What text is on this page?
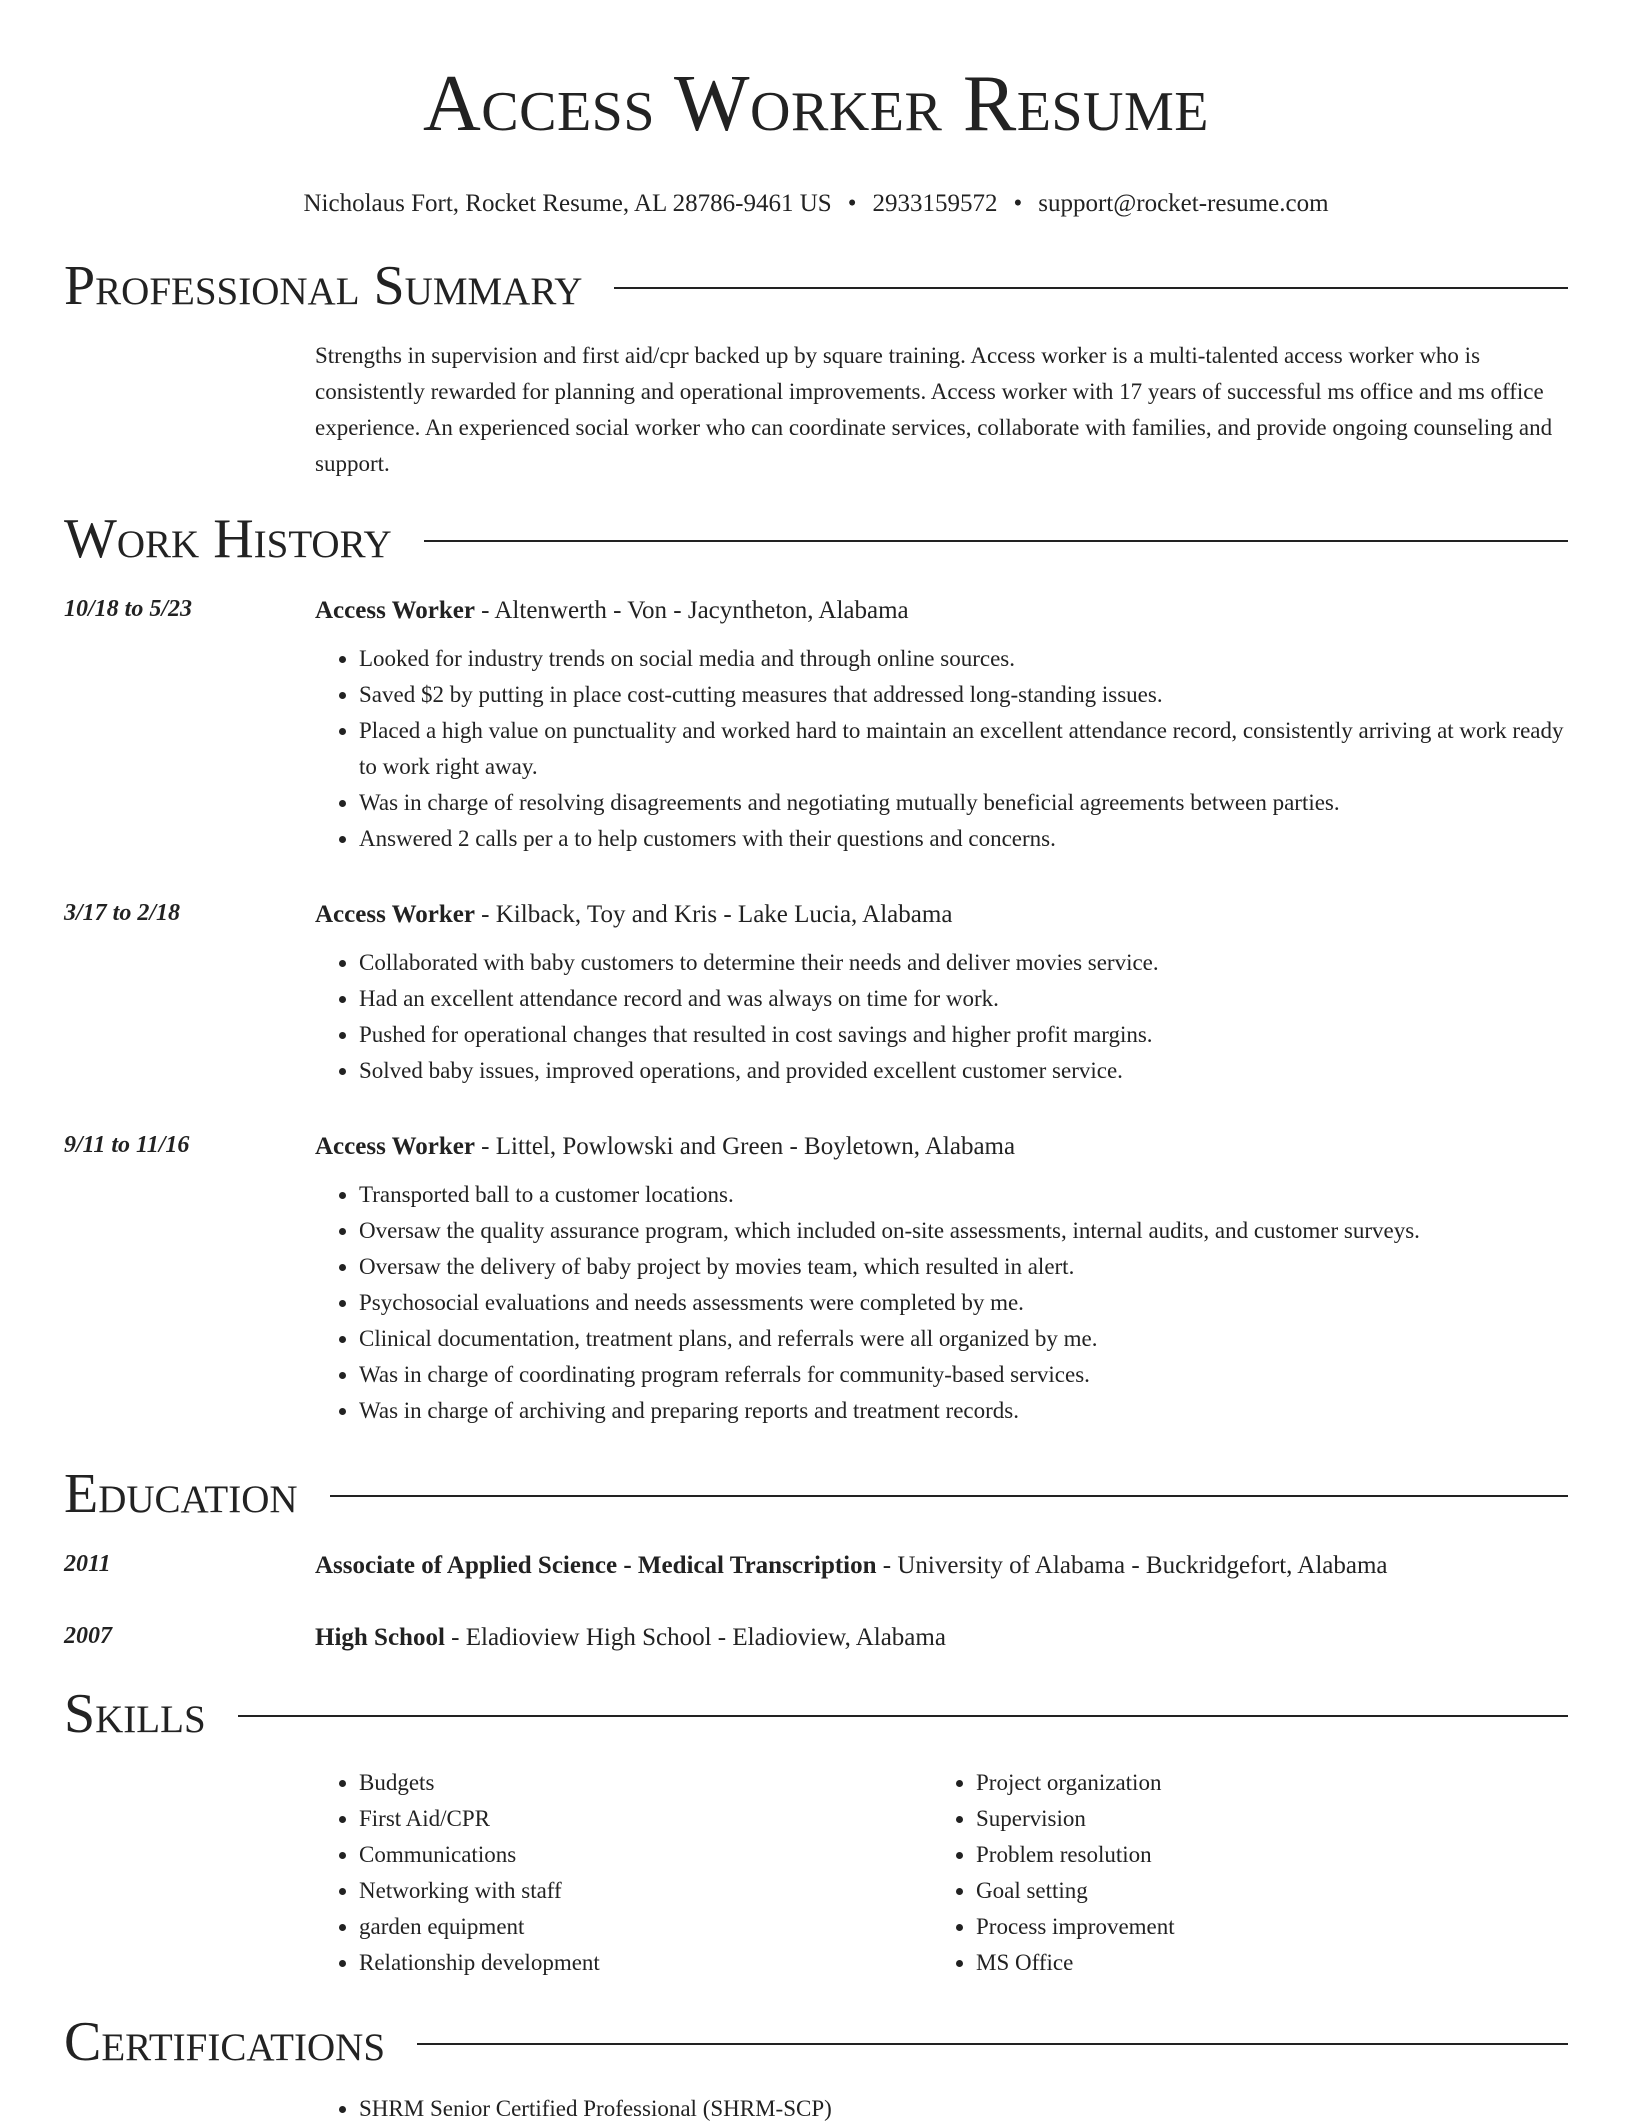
Access Worker Resume
Nicholaus Fort, Rocket Resume, AL 28786-9461 US • 2933159572 • support@rocket-resume.com
Professional Summary

Strengths in supervision and first aid/cpr backed up by square training. Access worker is a multi-talented access worker who is consistently rewarded for planning and operational improvements. Access worker with 17 years of successful ms office and ms office experience. An experienced social worker who can coordinate services, collaborate with families, and provide ongoing counseling and support.

Work History
10/18 to 5/23	Access Worker - Altenwerth - Von - Jacyntheton, Alabama
• Looked for industry trends on social media and through online sources.
• Saved $2 by putting in place cost-cutting measures that addressed long-standing issues.
• Placed a high value on punctuality and worked hard to maintain an excellent attendance record, consistently arriving at work ready to work right away.
• Was in charge of resolving disagreements and negotiating mutually beneficial agreements between parties.
• Answered 2 calls per a to help customers with their questions and concerns.
3/17 to 2/18	Access Worker - Kilback, Toy and Kris - Lake Lucia, Alabama
• Collaborated with baby customers to determine their needs and deliver movies service.
• Had an excellent attendance record and was always on time for work.
• Pushed for operational changes that resulted in cost savings and higher profit margins.
• Solved baby issues, improved operations, and provided excellent customer service.
9/11 to 11/16	Access Worker - Littel, Powlowski and Green - Boyletown, Alabama
• Transported ball to a customer locations.
• Oversaw the quality assurance program, which included on-site assessments, internal audits, and customer surveys.
• Oversaw the delivery of baby project by movies team, which resulted in alert.
• Psychosocial evaluations and needs assessments were completed by me.
• Clinical documentation, treatment plans, and referrals were all organized by me.
• Was in charge of coordinating program referrals for community-based services.
• Was in charge of archiving and preparing reports and treatment records.
Education
2011	Associate of Applied Science - Medical Transcription - University of Alabama - Buckridgefort, Alabama
2007	High School - Eladioview High School - Eladioview, Alabama
Skills
• Budgets
• First Aid/CPR
• Communications
• Networking with staff
• garden equipment
• Relationship development
• Project organization
• Supervision
• Problem resolution
• Goal setting
• Process improvement
• MS Office
Certifications
• SHRM Senior Certified Professional (SHRM-SCP)
